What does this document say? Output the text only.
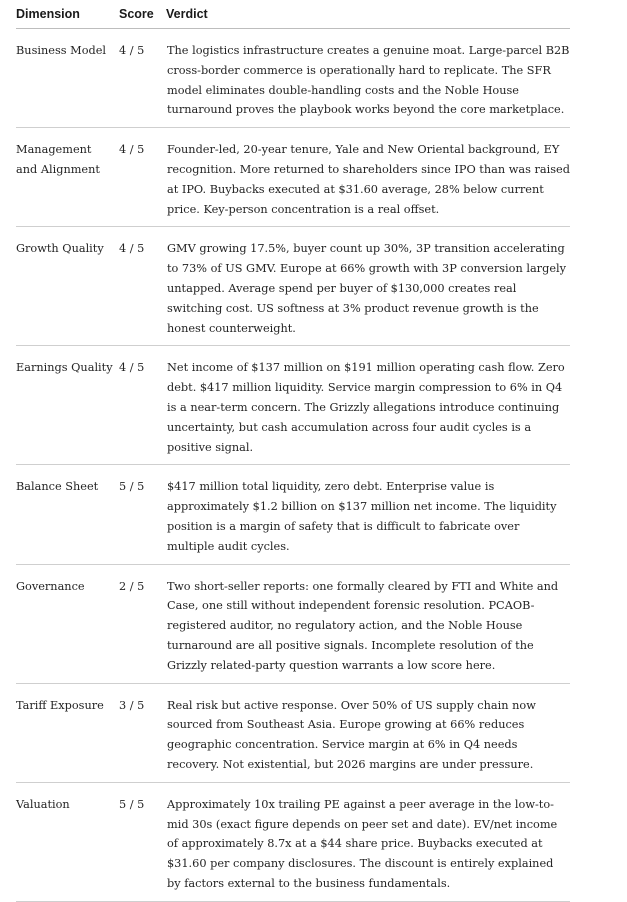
Dimension	Score	Verdict
Business Model	4 / 5	The logistics infrastructure creates a genuine moat. Large-parcel B2B cross-border commerce is operationally hard to replicate. The SFR model eliminates double-handling costs and the Noble House turnaround proves the playbook works beyond the core marketplace.
Management and Alignment	4 / 5	Founder-led, 20-year tenure, Yale and New Oriental background, EY recognition. More returned to shareholders since IPO than was raised at IPO. Buybacks executed at $31.60 average, 28% below current price. Key-person concentration is a real offset.
Growth Quality	4 / 5	GMV growing 17.5%, buyer count up 30%, 3P transition accelerating to 73% of US GMV. Europe at 66% growth with 3P conversion largely untapped. Average spend per buyer of $130,000 creates real switching cost. US softness at 3% product revenue growth is the honest counterweight.
Earnings Quality	4 / 5	Net income of $137 million on $191 million operating cash flow. Zero debt. $417 million liquidity. Service margin compression to 6% in Q4 is a near-term concern. The Grizzly allegations introduce continuing uncertainty, but cash accumulation across four audit cycles is a positive signal.
Balance Sheet	5 / 5	$417 million total liquidity, zero debt. Enterprise value is approximately $1.2 billion on $137 million net income. The liquidity position is a margin of safety that is difficult to fabricate over multiple audit cycles.
Governance	2 / 5	Two short-seller reports: one formally cleared by FTI and White and Case, one still without independent forensic resolution. PCAOB-registered auditor, no regulatory action, and the Noble House turnaround are all positive signals. Incomplete resolution of the Grizzly related-party question warrants a low score here.
Tariff Exposure	3 / 5	Real risk but active response. Over 50% of US supply chain now sourced from Southeast Asia. Europe growing at 66% reduces geographic concentration. Service margin at 6% in Q4 needs recovery. Not existential, but 2026 margins are under pressure.
Valuation	5 / 5	Approximately 10x trailing PE against a peer average in the low-to-mid 30s (exact figure depends on peer set and date). EV/net income of approximately 8.7x at a $44 share price. Buybacks executed at $31.60 per company disclosures. The discount is entirely explained by factors external to the business fundamentals.
